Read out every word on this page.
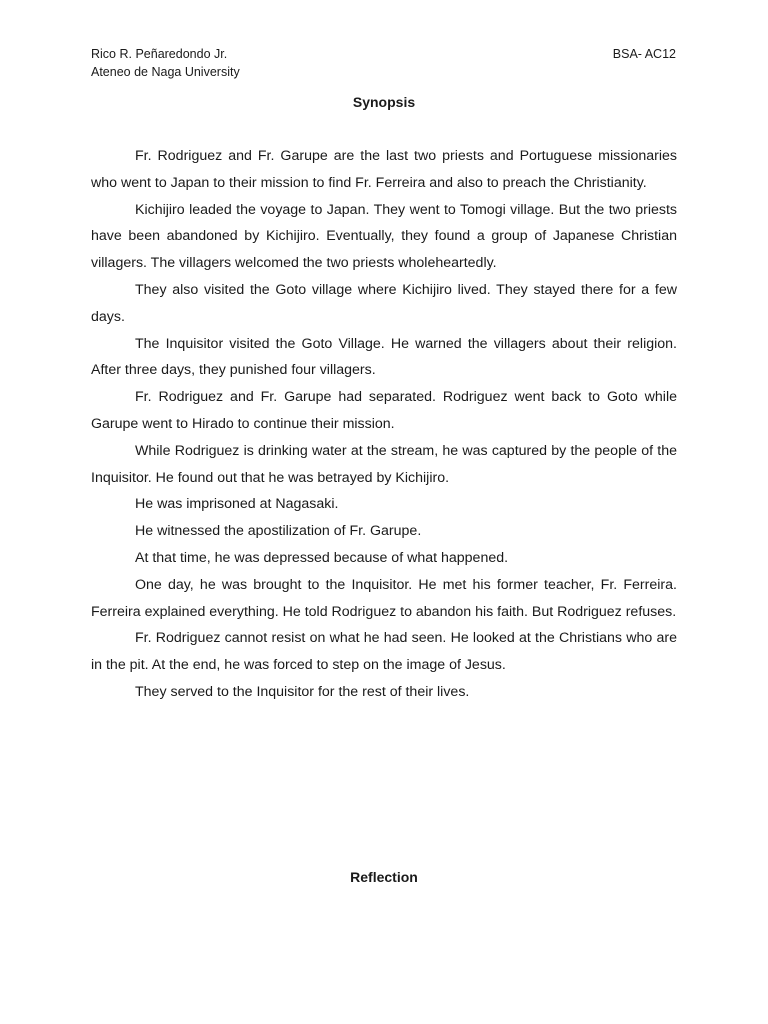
Rico R. Peñaredondo Jr.
Ateneo de Naga University
BSA- AC12
Synopsis

Fr. Rodriguez and Fr. Garupe are the last two priests and Portuguese missionaries who went to Japan to their mission to find Fr. Ferreira and also to preach the Christianity.

Kichijiro leaded the voyage to Japan. They went to Tomogi village. But the two priests have been abandoned by Kichijiro. Eventually, they found a group of Japanese Christian villagers. The villagers welcomed the two priests wholeheartedly.

They also visited the Goto village where Kichijiro lived. They stayed there for a few days.

The Inquisitor visited the Goto Village. He warned the villagers about their religion. After three days, they punished four villagers.

Fr. Rodriguez and Fr. Garupe had separated. Rodriguez went back to Goto while Garupe went to Hirado to continue their mission.

While Rodriguez is drinking water at the stream, he was captured by the people of the Inquisitor. He found out that he was betrayed by Kichijiro.

He was imprisoned at Nagasaki.

He witnessed the apostilization of Fr. Garupe.

At that time, he was depressed because of what happened.

One day, he was brought to the Inquisitor. He met his former teacher, Fr. Ferreira. Ferreira explained everything. He told Rodriguez to abandon his faith. But Rodriguez refuses.

Fr. Rodriguez cannot resist on what he had seen. He looked at the Christians who are in the pit. At the end, he was forced to step on the image of Jesus.

They served to the Inquisitor for the rest of their lives.

Reflection
